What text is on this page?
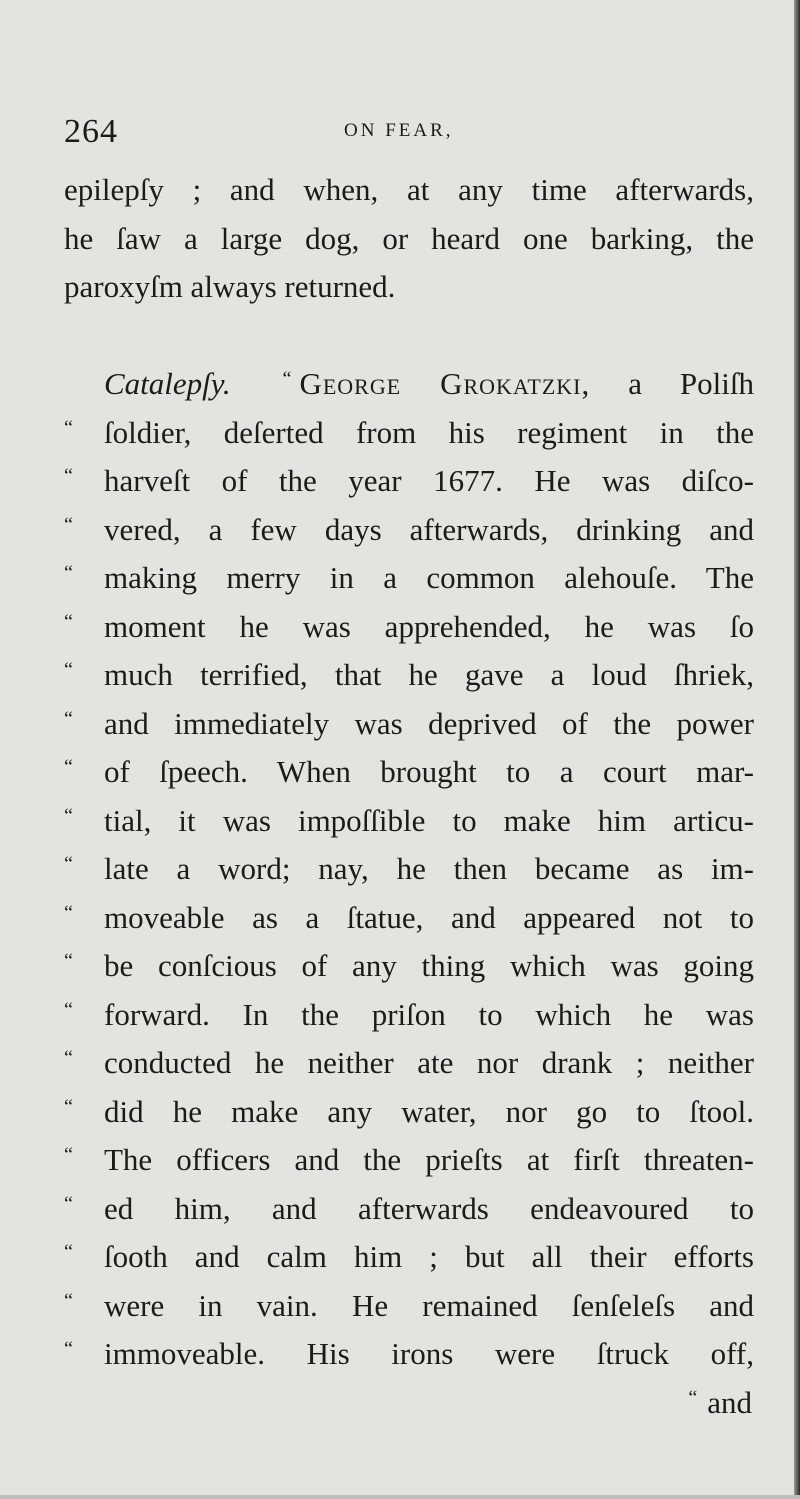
264	ON FEAR,
epilepſy ; and when, at any time afterwards,
he ſaw a large dog, or heard one barking, the
paroxyſm always returned.
Catalepſy.	“ George Grokatzki, a Poliſh
“ ſoldier, deſerted from his regiment in the
“ harveſt of the year 1677. He was diſco-
“ vered, a few days afterwards, drinking and
“ making merry in a common alehouſe. The
“ moment he was apprehended, he was ſo
“ much terrified, that he gave a loud ſhriek,
“ and immediately was deprived of the power
“ of ſpeech. When brought to a court mar-
“ tial, it was impoſſible to make him articu-
“ late a word; nay, he then became as im-
“ moveable as a ſtatue, and appeared not to
“ be conſcious of any thing which was going
“ forward. In the priſon to which he was
“ conducted he neither ate nor drank ; neither
“ did he make any water, nor go to ſtool.
“ The officers and the prieſts at firſt threaten-
“ ed him, and afterwards endeavoured to
“ ſooth and calm him ; but all their efforts
“ were in vain. He remained ſenſeleſs and
“ immoveable. His irons were ſtruck off,
“ and
